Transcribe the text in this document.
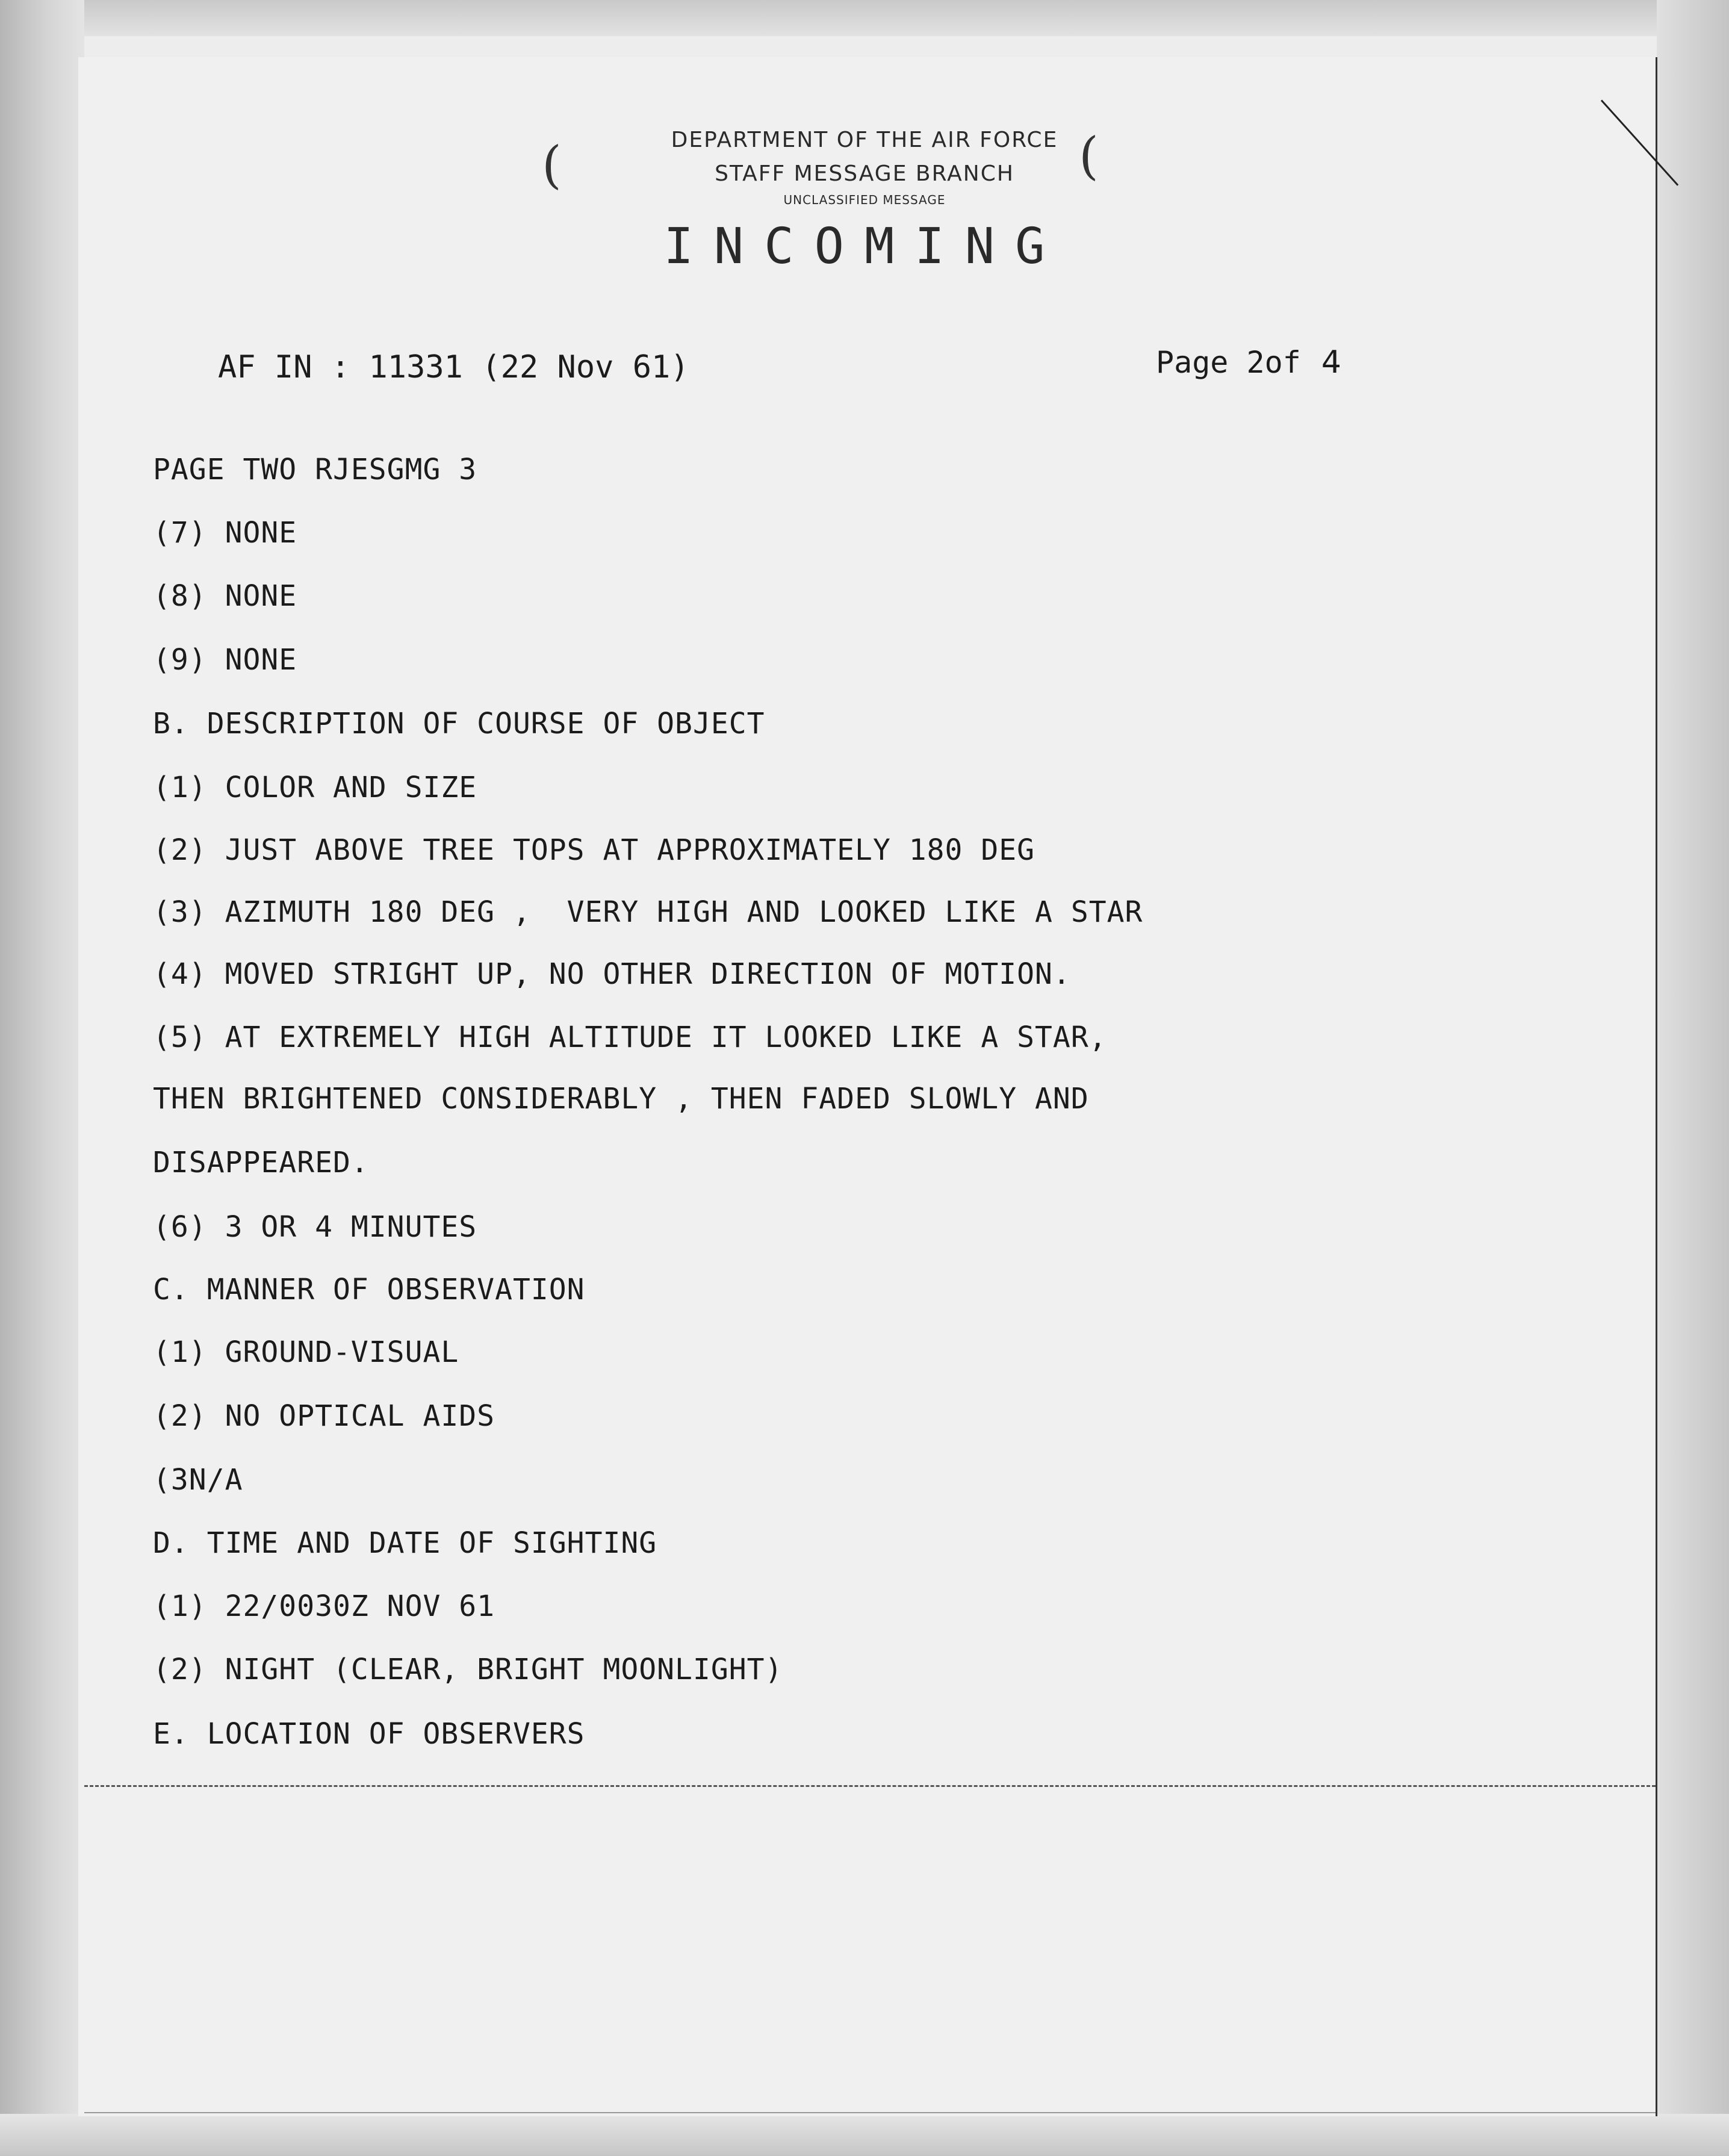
(	(
DEPARTMENT OF THE AIR FORCE
STAFF MESSAGE BRANCH
UNCLASSIFIED MESSAGE
INCOMING
AF IN : 11331 (22 Nov 61)	Page 2of 4
PAGE TWO RJESGMG 3
(7) NONE
(8) NONE
(9) NONE
B. DESCRIPTION OF COURSE OF OBJECT
(1) COLOR AND SIZE
(2) JUST ABOVE TREE TOPS AT APPROXIMATELY 180 DEG
(3) AZIMUTH 180 DEG ,  VERY HIGH AND LOOKED LIKE A STAR
(4) MOVED STRIGHT UP, NO OTHER DIRECTION OF MOTION.
(5) AT EXTREMELY HIGH ALTITUDE IT LOOKED LIKE A STAR,
THEN BRIGHTENED CONSIDERABLY , THEN FADED SLOWLY AND
DISAPPEARED.
(6) 3 OR 4 MINUTES
C. MANNER OF OBSERVATION
(1) GROUND-VISUAL
(2) NO OPTICAL AIDS
(3N/A
D. TIME AND DATE OF SIGHTING
(1) 22/0030Z NOV 61
(2) NIGHT (CLEAR, BRIGHT MOONLIGHT)
E. LOCATION OF OBSERVERS
